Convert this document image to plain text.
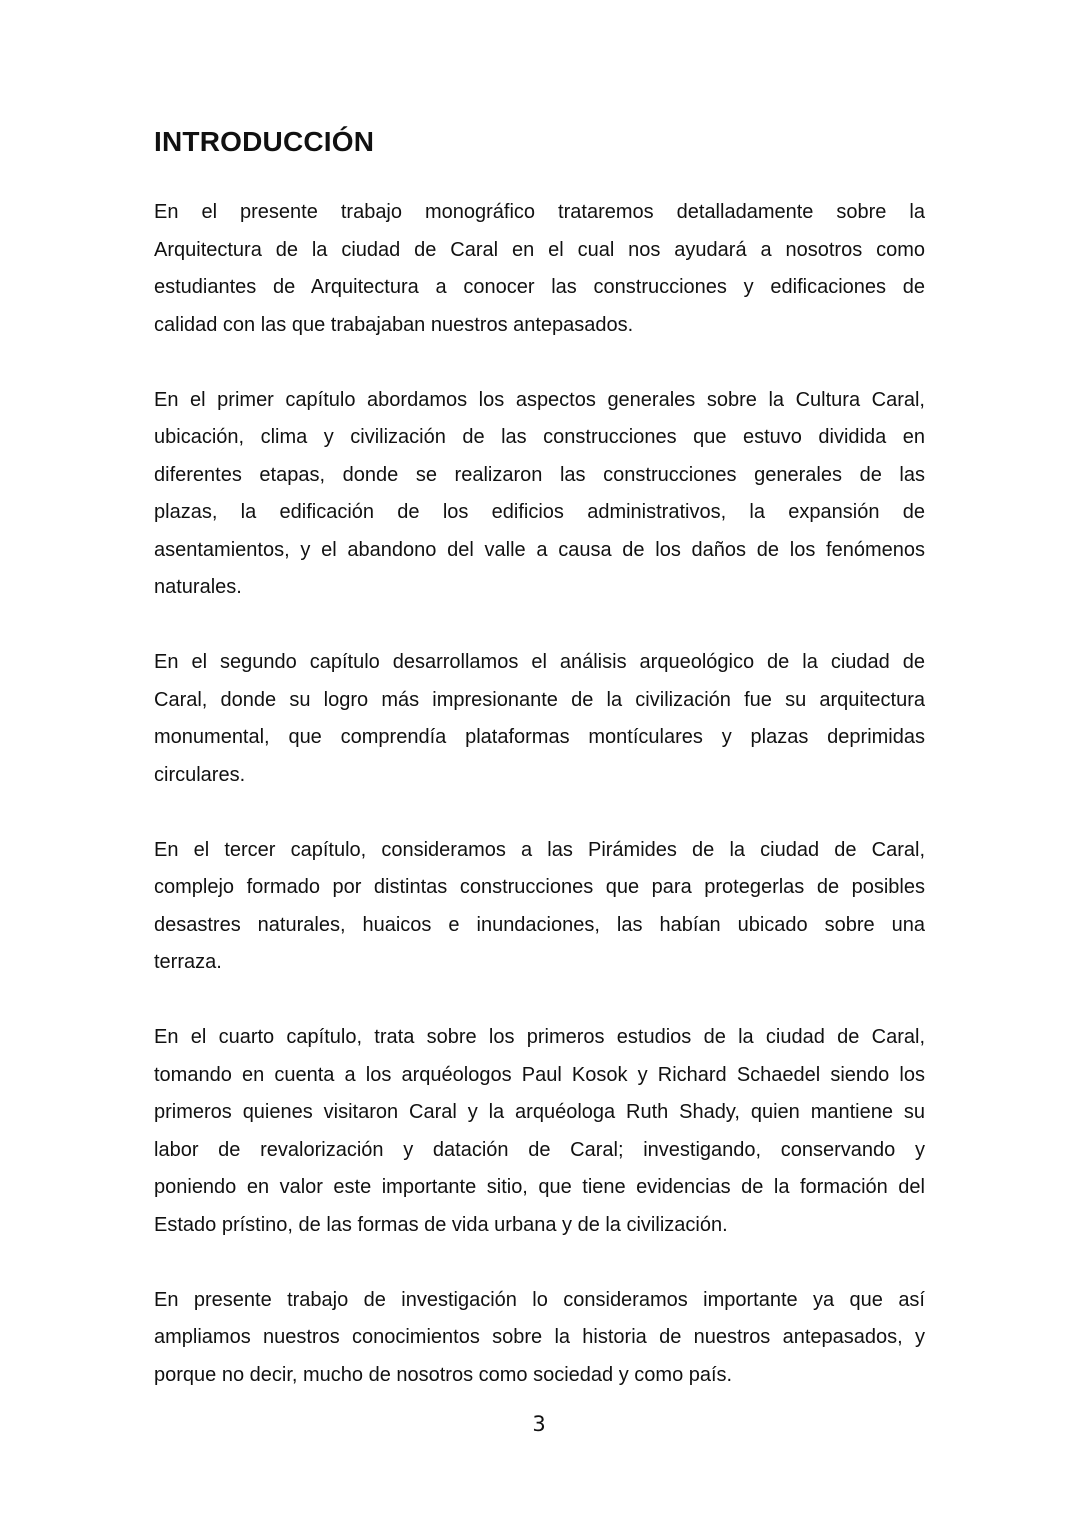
INTRODUCCIÓN
En el presente trabajo monográfico trataremos detalladamente sobre la
Arquitectura de la ciudad de Caral en el cual nos ayudará a nosotros como
estudiantes de Arquitectura a conocer las construcciones y edificaciones de
calidad con las que trabajaban nuestros antepasados.
En el primer capítulo abordamos los aspectos generales sobre la Cultura Caral,
ubicación, clima y civilización de las construcciones que estuvo dividida en
diferentes etapas, donde se realizaron las construcciones generales de las
plazas, la edificación de los edificios administrativos, la expansión de
asentamientos, y el abandono del valle a causa de los daños de los fenómenos
naturales.
En el segundo capítulo desarrollamos el análisis arqueológico de la ciudad de
Caral, donde su logro más impresionante de la civilización fue su arquitectura
monumental, que comprendía plataformas montículares y plazas deprimidas
circulares.
En el tercer capítulo, consideramos a las Pirámides de la ciudad de Caral,
complejo formado por distintas construcciones que para protegerlas de posibles
desastres naturales, huaicos e inundaciones, las habían ubicado sobre una
terraza.
En el cuarto capítulo, trata sobre los primeros estudios de la ciudad de Caral,
tomando en cuenta a los arquéologos Paul Kosok y Richard Schaedel siendo los
primeros quienes visitaron Caral y la arquéologa Ruth Shady, quien mantiene su
labor de revalorización y datación de Caral; investigando, conservando y
poniendo en valor este importante sitio, que tiene evidencias de la formación del
Estado prístino, de las formas de vida urbana y de la civilización.
En presente trabajo de investigación lo consideramos importante ya que así
ampliamos nuestros conocimientos sobre la historia de nuestros antepasados, y
porque no decir, mucho de nosotros como sociedad y como país.
3
